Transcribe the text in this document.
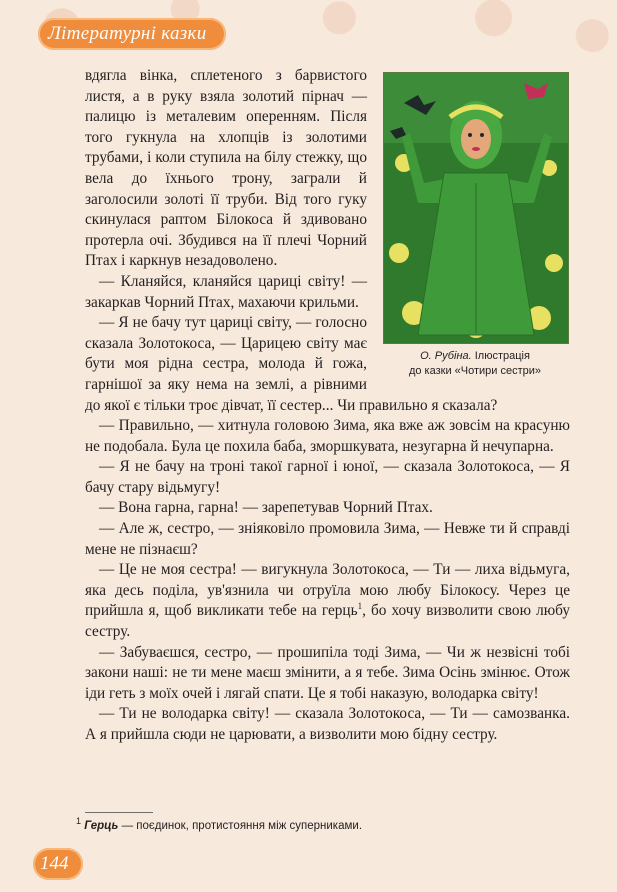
Літературні казки
О. Рубіна. Ілюстрація
до казки «Чотири сестри»

вдягла вінка, сплетеного з барвистого листя, а в руку взяла золотий пірнач — палицю із металевим оперенням. Після того гукнула на хлопців із золотими трубами, і коли ступила на білу стежку, що вела до їхнього трону, заграли й заголосили золоті її труби. Від того гуку скинулася раптом Білокоса й здивовано протерла очі. Збудився на її плечі Чорний Птах і каркнув незадоволено.

— Кланяйся, кланяйся цариці світу! — закаркав Чорний Птах, махаючи крильми.

— Я не бачу тут цариці світу, — голосно сказала Золотокоса, — Царицею світу має бути моя рідна сестра, молода й гожа, гарнішої за яку нема на землі, а рівними до якої є тільки троє дівчат, її сестер... Чи правильно я сказала?

— Правильно, — хитнула головою Зима, яка вже аж зовсім на красуню не подобала. Була це похила баба, зморшкувата, незугарна й нечупарна.

— Я не бачу на троні такої гарної і юної, — сказала Золотокоса, — Я бачу стару відьмугу!

— Вона гарна, гарна! — зарепетував Чорний Птах.

— Але ж, сестро, — зніяковіло промовила Зима, — Невже ти й справді мене не пізнаєш?

— Це не моя сестра! — вигукнула Золотокоса, — Ти — лиха відьмуга, яка десь поділа, ув'язнила чи отруїла мою любу Білокосу. Через це прийшла я, щоб викликати тебе на герць$^1$, бо хочу визволити свою любу сестру.

— Забуваєшся, сестро, — прошипіла тоді Зима, — Чи ж незвісні тобі закони наші: не ти мене маєш змінити, а я тебе. Зима Осінь змінює. Отож іди геть з моїх очей і лягай спати. Це я тобі наказую, володарка світу!

— Ти не володарка світу! — сказала Золотокоса, — Ти — самозванка. А я прийшла сюди не царювати, а визволити мою бідну сестру.

$^1$ Герць — поєдинок, протистояння між суперниками.
144
